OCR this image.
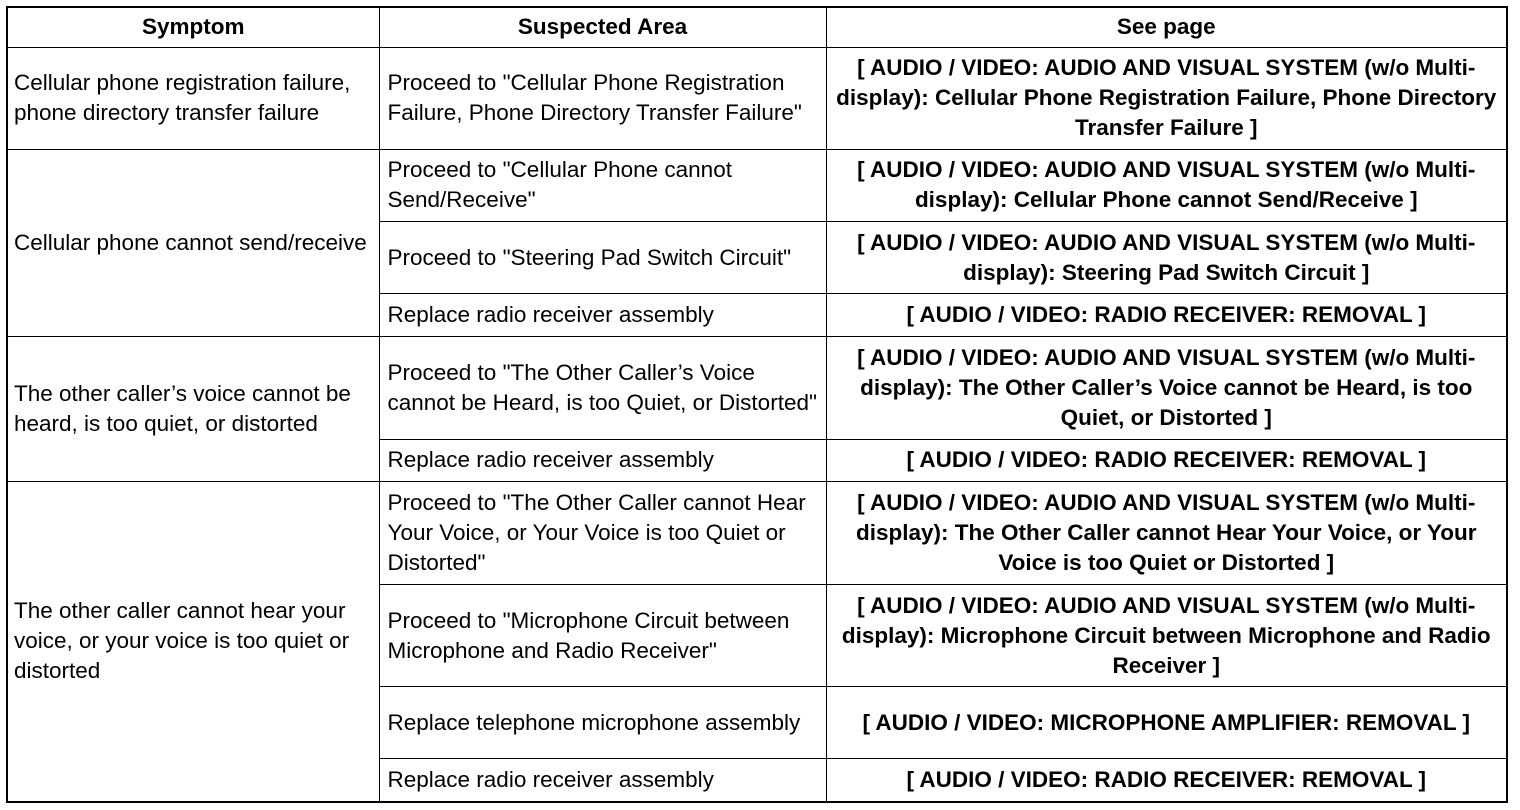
Symptom	Suspected Area	See page
Cellular phone registration failure, phone directory transfer failure	Proceed to "Cellular Phone Registration Failure, Phone Directory Transfer Failure"	[ AUDIO / VIDEO: AUDIO AND VISUAL SYSTEM (w/o Multi-display): Cellular Phone Registration Failure, Phone Directory Transfer Failure ]
Cellular phone cannot send/receive	Proceed to "Cellular Phone cannot Send/Receive"	[ AUDIO / VIDEO: AUDIO AND VISUAL SYSTEM (w/o Multi-display): Cellular Phone cannot Send/Receive ]
	Proceed to "Steering Pad Switch Circuit"	[ AUDIO / VIDEO: AUDIO AND VISUAL SYSTEM (w/o Multi-display): Steering Pad Switch Circuit ]
	Replace radio receiver assembly	[ AUDIO / VIDEO: RADIO RECEIVER: REMOVAL ]
The other caller’s voice cannot be heard, is too quiet, or distorted	Proceed to "The Other Caller’s Voice cannot be Heard, is too Quiet, or Distorted"	[ AUDIO / VIDEO: AUDIO AND VISUAL SYSTEM (w/o Multi-display): The Other Caller’s Voice cannot be Heard, is too Quiet, or Distorted ]
	Replace radio receiver assembly	[ AUDIO / VIDEO: RADIO RECEIVER: REMOVAL ]
The other caller cannot hear your voice, or your voice is too quiet or distorted	Proceed to "The Other Caller cannot Hear Your Voice, or Your Voice is too Quiet or Distorted"	[ AUDIO / VIDEO: AUDIO AND VISUAL SYSTEM (w/o Multi-display): The Other Caller cannot Hear Your Voice, or Your Voice is too Quiet or Distorted ]
	Proceed to "Microphone Circuit between Microphone and Radio Receiver"	[ AUDIO / VIDEO: AUDIO AND VISUAL SYSTEM (w/o Multi-display): Microphone Circuit between Microphone and Radio Receiver ]
	Replace telephone microphone assembly	[ AUDIO / VIDEO: MICROPHONE AMPLIFIER: REMOVAL ]
	Replace radio receiver assembly	[ AUDIO / VIDEO: RADIO RECEIVER: REMOVAL ]
